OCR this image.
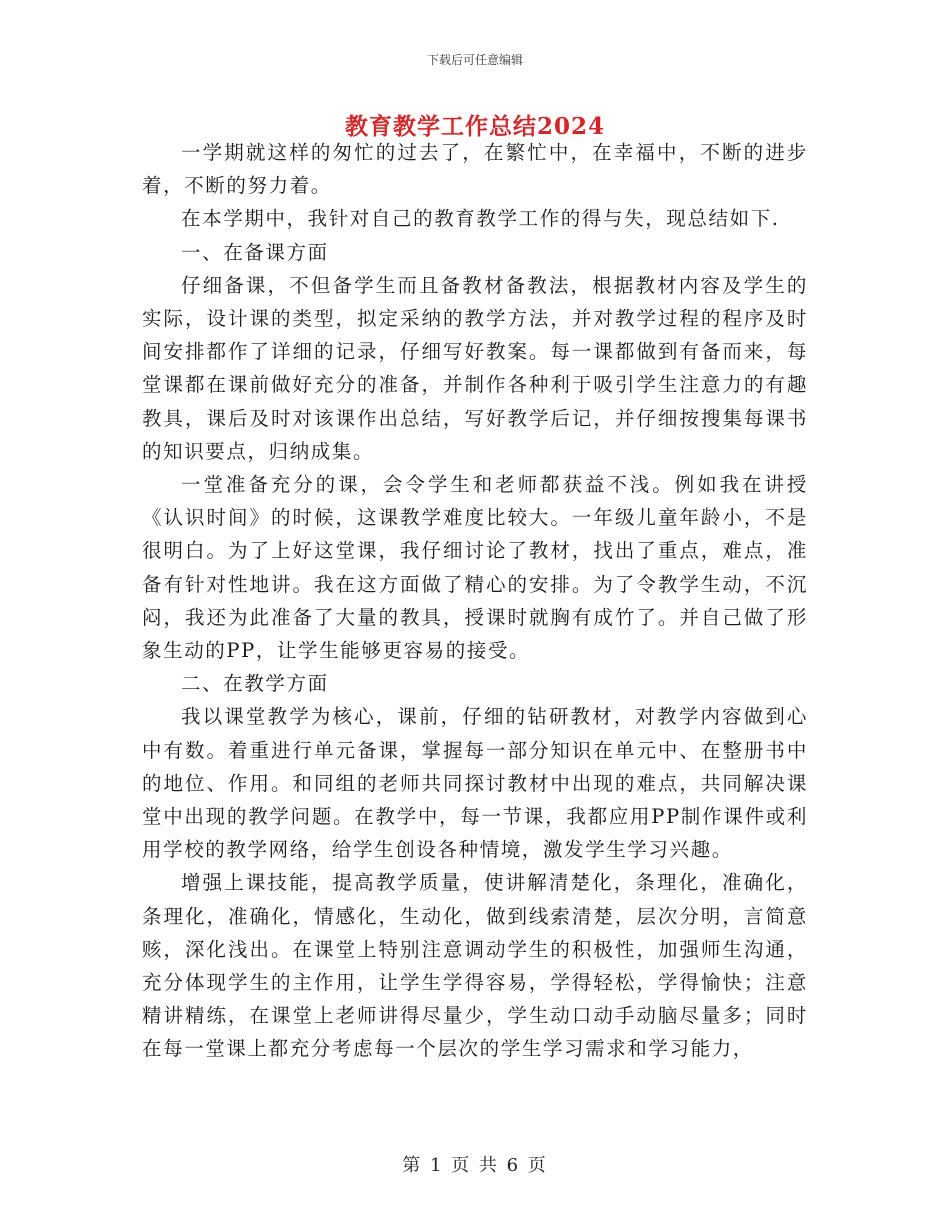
下载后可任意编辑
教育教学工作总结2024

一学期就这样的匆忙的过去了，在繁忙中，在幸福中，不断的进步着，不断的努力着。

在本学期中，我针对自己的教育教学工作的得与失，现总结如下.

一、在备课方面

仔细备课，不但备学生而且备教材备教法，根据教材内容及学生的实际，设计课的类型，拟定采纳的教学方法，并对教学过程的程序及时间安排都作了详细的记录，仔细写好教案。每一课都做到有备而来，每堂课都在课前做好充分的准备，并制作各种利于吸引学生注意力的有趣教具，课后及时对该课作出总结，写好教学后记，并仔细按搜集每课书的知识要点，归纳成集。

一堂准备充分的课，会令学生和老师都获益不浅。例如我在讲授《认识时间》的时候，这课教学难度比较大。一年级儿童年龄小，不是很明白。为了上好这堂课，我仔细讨论了教材，找出了重点，难点，准备有针对性地讲。我在这方面做了精心的安排。为了令教学生动，不沉闷，我还为此准备了大量的教具，授课时就胸有成竹了。并自己做了形象生动的PP，让学生能够更容易的接受。

二、在教学方面

我以课堂教学为核心，课前，仔细的钻研教材，对教学内容做到心中有数。着重进行单元备课，掌握每一部分知识在单元中、在整册书中的地位、作用。和同组的老师共同探讨教材中出现的难点，共同解决课堂中出现的教学问题。在教学中，每一节课，我都应用PP制作课件或利用学校的教学网络，给学生创设各种情境，激发学生学习兴趣。

增强上课技能，提高教学质量，使讲解清楚化，条理化，准确化，条理化，准确化，情感化，生动化，做到线索清楚，层次分明，言简意赅，深化浅出。在课堂上特别注意调动学生的积极性，加强师生沟通，充分体现学生的主作用，让学生学得容易，学得轻松，学得愉快；注意精讲精练，在课堂上老师讲得尽量少，学生动口动手动脑尽量多；同时在每一堂课上都充分考虑每一个层次的学生学习需求和学习能力，

第 1 页 共 6 页
